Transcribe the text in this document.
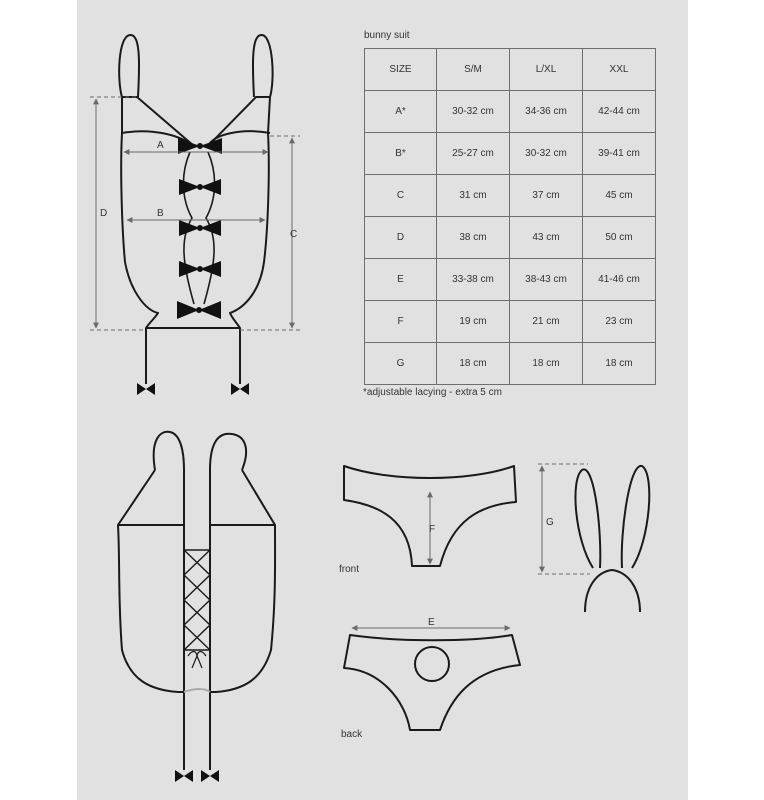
A
B
C
D
F
E
G
bunny suit
SIZE	S/M	L/XL	XXL
A*	30-32 cm	34-36 cm	42-44 cm
B*	25-27 cm	30-32 cm	39-41 cm
C	31 cm	37 cm	45 cm
D	38 cm	43 cm	50 cm
E	33-38 cm	38-43 cm	41-46 cm
F	19 cm	21 cm	23 cm
G	18 cm	18 cm	18 cm
*adjustable lacying - extra 5 cm
front
back
